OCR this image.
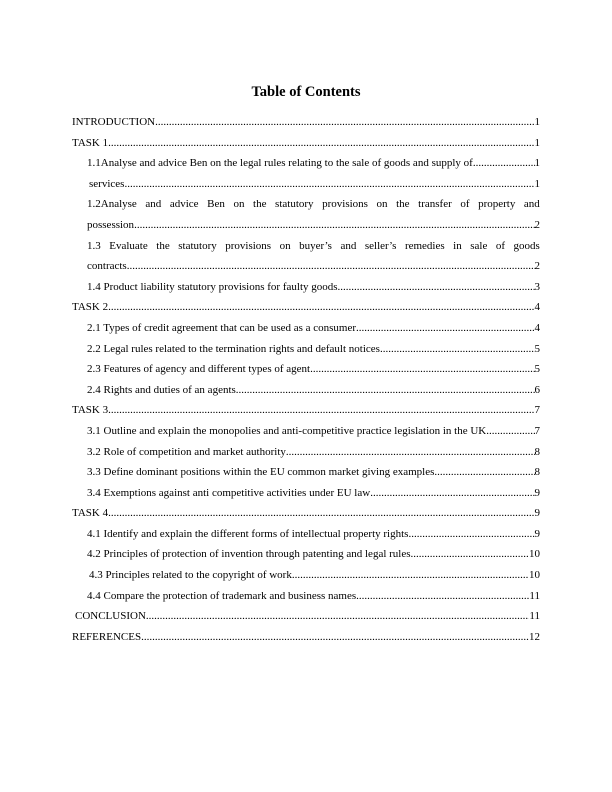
Table of Contents
INTRODUCTION .....	1
TASK 1 .....	1
1.1Analyse and advice Ben on the legal rules relating to the sale of goods and supply of .....	1
services .....	1
1.2Analyse and advice Ben on the statutory provisions on the transfer of property and
possession .....	2
1.3 Evaluate the statutory provisions on buyer’s and seller’s remedies in sale of goods
contracts .....	2
1.4 Product liability statutory provisions for faulty goods .....	3
TASK 2 .....	4
2.1 Types of credit agreement that can be used as a consumer .....	4
2.2 Legal rules related to the termination rights and default notices .....	5
2.3 Features of agency and different types of agent .....	5
2.4 Rights and duties of an agents .....	6
TASK 3 .....	7
3.1 Outline and explain the monopolies and anti-competitive practice legislation in the UK .....	7
3.2 Role of competition and market authority .....	8
3.3 Define dominant positions within the EU common market giving examples .....	8
3.4 Exemptions against anti competitive activities under EU law .....	9
TASK 4 .....	9
4.1 Identify and explain the different forms of intellectual property rights .....	9
4.2 Principles of protection of invention through patenting and legal rules .....	10
4.3 Principles related to the copyright of work .....	10
4.4 Compare the protection of trademark and business names .....	11
CONCLUSION .....	11
REFERENCES .....	12
